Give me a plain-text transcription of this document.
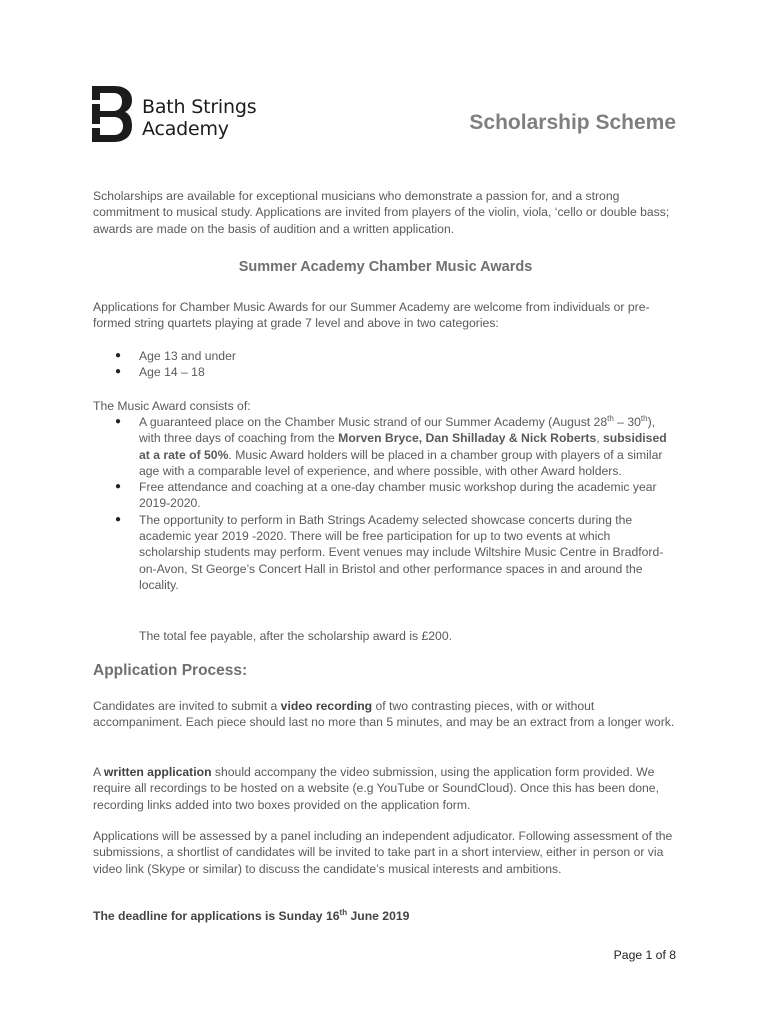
Bath Strings
Academy	Scholarship Scheme

Scholarships are available for exceptional musicians who demonstrate a passion for, and a strong commitment to musical study. Applications are invited from players of the violin, viola, ‘cello or double bass; awards are made on the basis of audition and a written application.

Summer Academy Chamber Music Awards

Applications for Chamber Music Awards for our Summer Academy are welcome from individuals or pre-formed string quartets playing at grade 7 level and above in two categories:

● Age 13 and under
● Age 14 – 18

The Music Award consists of:

● A guaranteed place on the Chamber Music strand of our Summer Academy (August 28th – 30th), with three days of coaching from the Morven Bryce, Dan Shilladay & Nick Roberts, subsidised at a rate of 50%. Music Award holders will be placed in a chamber group with players of a similar age with a comparable level of experience, and where possible, with other Award holders.
● Free attendance and coaching at a one-day chamber music workshop during the academic year 2019-2020.
● The opportunity to perform in Bath Strings Academy selected showcase concerts during the academic year 2019 -2020. There will be free participation for up to two events at which scholarship students may perform. Event venues may include Wiltshire Music Centre in Bradford-on-Avon, St George’s Concert Hall in Bristol and other performance spaces in and around the locality.
The total fee payable, after the scholarship award is £200.
Application Process:

Candidates are invited to submit a video recording of two contrasting pieces, with or without accompaniment. Each piece should last no more than 5 minutes, and may be an extract from a longer work.

A written application should accompany the video submission, using the application form provided. We require all recordings to be hosted on a website (e.g YouTube or SoundCloud). Once this has been done, recording links added into two boxes provided on the application form.

Applications will be assessed by a panel including an independent adjudicator. Following assessment of the submissions, a shortlist of candidates will be invited to take part in a short interview, either in person or via video link (Skype or similar) to discuss the candidate’s musical interests and ambitions.

The deadline for applications is Sunday 16th June 2019
Page 1 of 8
